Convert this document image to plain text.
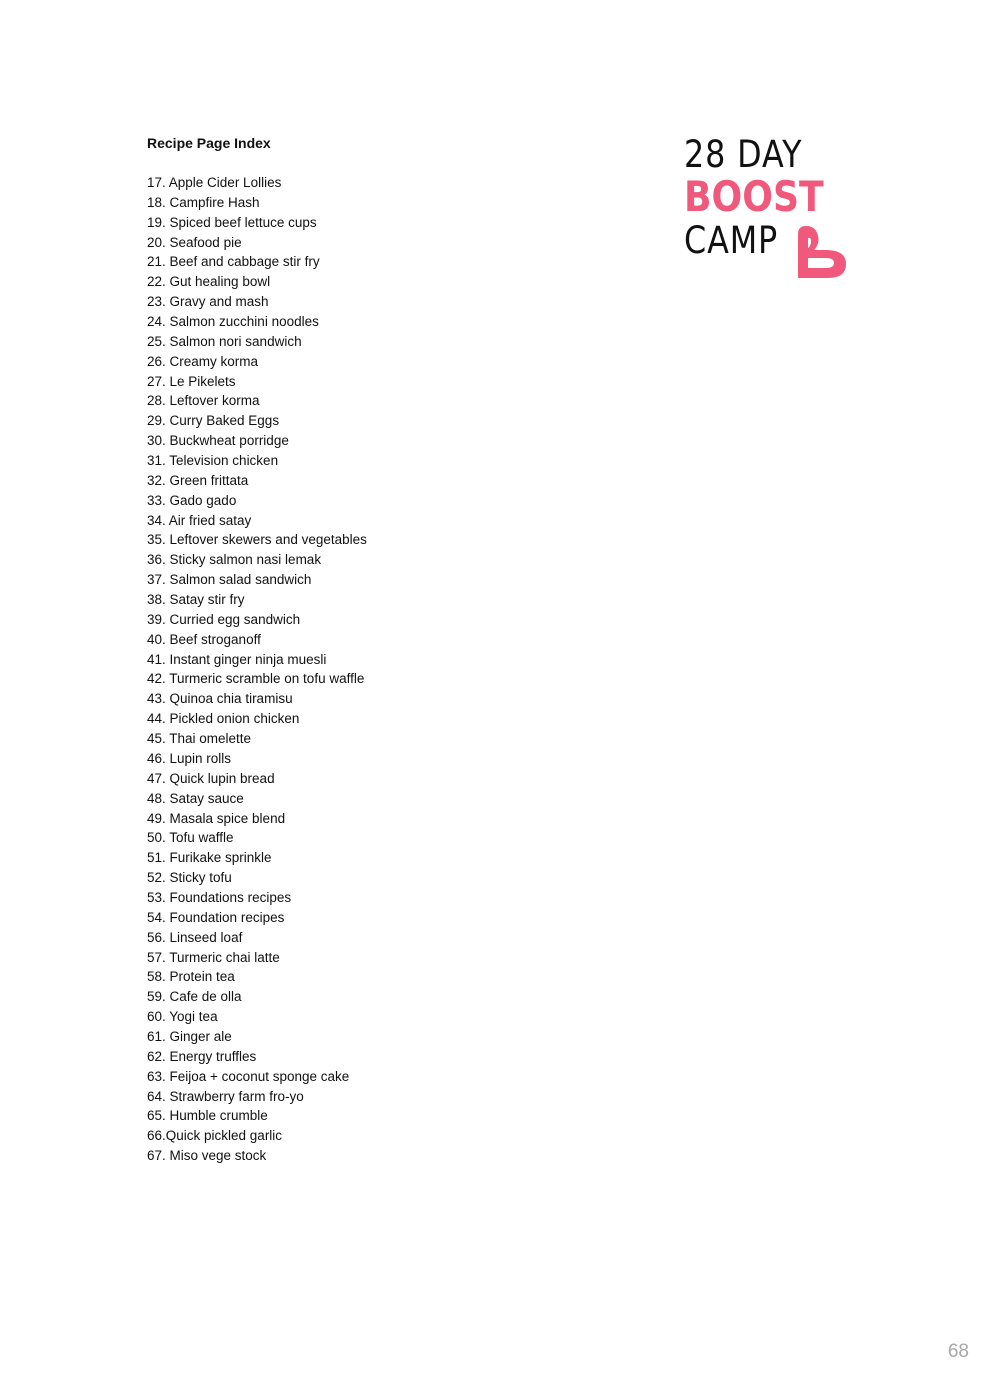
Recipe Page Index
17. Apple Cider Lollies
18. Campfire Hash
19. Spiced beef lettuce cups
20. Seafood pie
21. Beef and cabbage stir fry
22. Gut healing bowl
23. Gravy and mash
24. Salmon zucchini noodles
25. Salmon nori sandwich
26. Creamy korma
27. Le Pikelets
28. Leftover korma
29. Curry Baked Eggs
30. Buckwheat porridge
31. Television chicken
32. Green frittata
33. Gado gado
34. Air fried satay
35. Leftover skewers and vegetables
36. Sticky salmon nasi lemak
37. Salmon salad sandwich
38. Satay stir fry
39. Curried egg sandwich
40. Beef stroganoff
41. Instant ginger ninja muesli
42. Turmeric scramble on tofu waffle
43. Quinoa chia tiramisu
44. Pickled onion chicken
45. Thai omelette
46. Lupin rolls
47. Quick lupin bread
48. Satay sauce
49. Masala spice blend
50. Tofu waffle
51. Furikake sprinkle
52. Sticky tofu
53. Foundations recipes
54. Foundation recipes
56. Linseed loaf
57. Turmeric chai latte
58. Protein tea
59. Cafe de olla
60. Yogi tea
61. Ginger ale
62. Energy truffles
63. Feijoa + coconut sponge cake
64. Strawberry farm fro-yo
65. Humble crumble
66.Quick pickled garlic
67. Miso vege stock
28 DAY
BOOST
CAMP
68
